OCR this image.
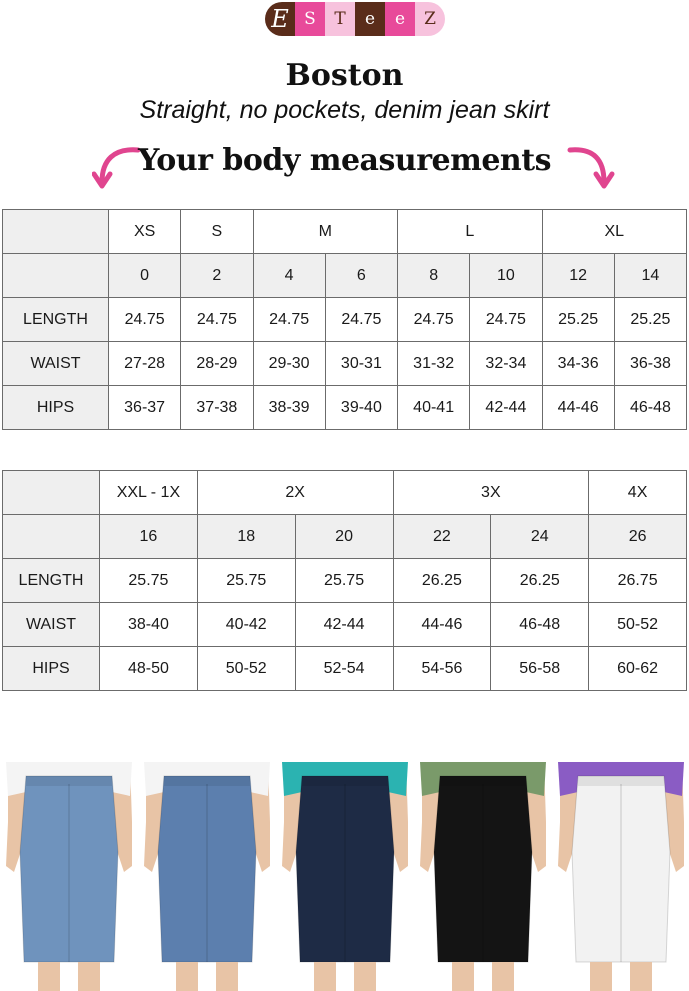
E S	T	e	e	Z
Boston
Straight, no pockets, denim jean skirt
Your body measurements
	XS	S	M		L		XL	
	0	2	4	6	8	10	12	14
LENGTH	24.75	24.75	24.75	24.75	24.75	24.75	25.25	25.25
WAIST	27-28	28-29	29-30	30-31	31-32	32-34	34-36	36-38
HIPS	36-37	37-38	38-39	39-40	40-41	42-44	44-46	46-48
	XXL - 1X	2X		3X		4X
	16	18	20	22	24	26
LENGTH	25.75	25.75	25.75	26.25	26.25	26.75
WAIST	38-40	40-42	42-44	44-46	46-48	50-52
HIPS	48-50	50-52	52-54	54-56	56-58	60-62
